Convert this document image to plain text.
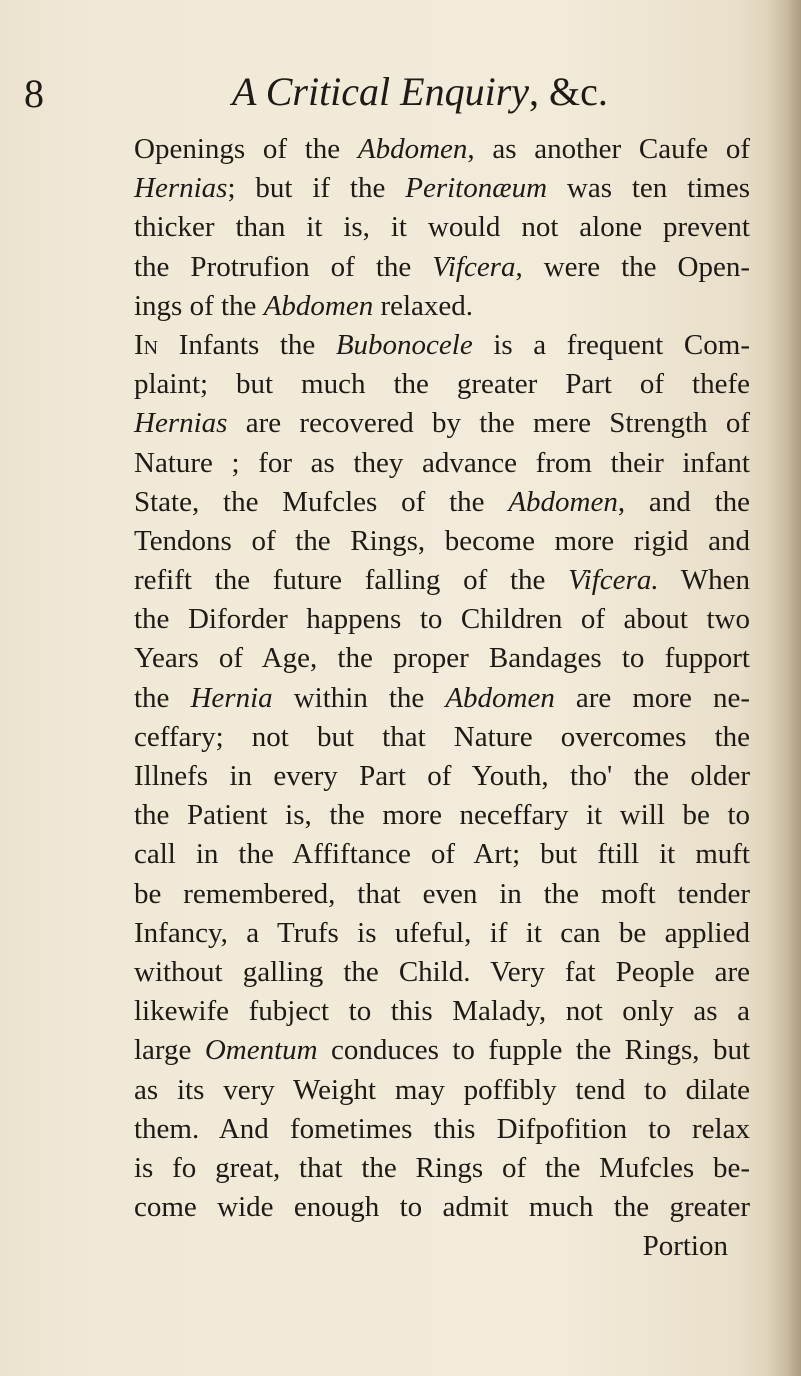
8	A Critical Enquiry, &c.
Openings of the Abdomen, as another Caufe of
Hernias; but if the Peritonæum was ten times
thicker than it is, it would not alone prevent
the Protrufion of the Vifcera, were the Open-
ings of the Abdomen relaxed.
In Infants the Bubonocele is a frequent Com-
plaint; but much the greater Part of thefe
Hernias are recovered by the mere Strength of
Nature ; for as they advance from their infant
State, the Mufcles of the Abdomen, and the
Tendons of the Rings, become more rigid and
refift the future falling of the Vifcera. When
the Diforder happens to Children of about two
Years of Age, the proper Bandages to fupport
the Hernia within the Abdomen are more ne-
ceffary; not but that Nature overcomes the
Illnefs in every Part of Youth, tho' the older
the Patient is, the more neceffary it will be to
call in the Affiftance of Art; but ftill it muft
be remembered, that even in the moft tender
Infancy, a Trufs is ufeful, if it can be applied
without galling the Child. Very fat People are
likewife fubject to this Malady, not only as a
large Omentum conduces to fupple the Rings, but
as its very Weight may poffibly tend to dilate
them. And fometimes this Difpofition to relax
is fo great, that the Rings of the Mufcles be-
come wide enough to admit much the greater
Portion
